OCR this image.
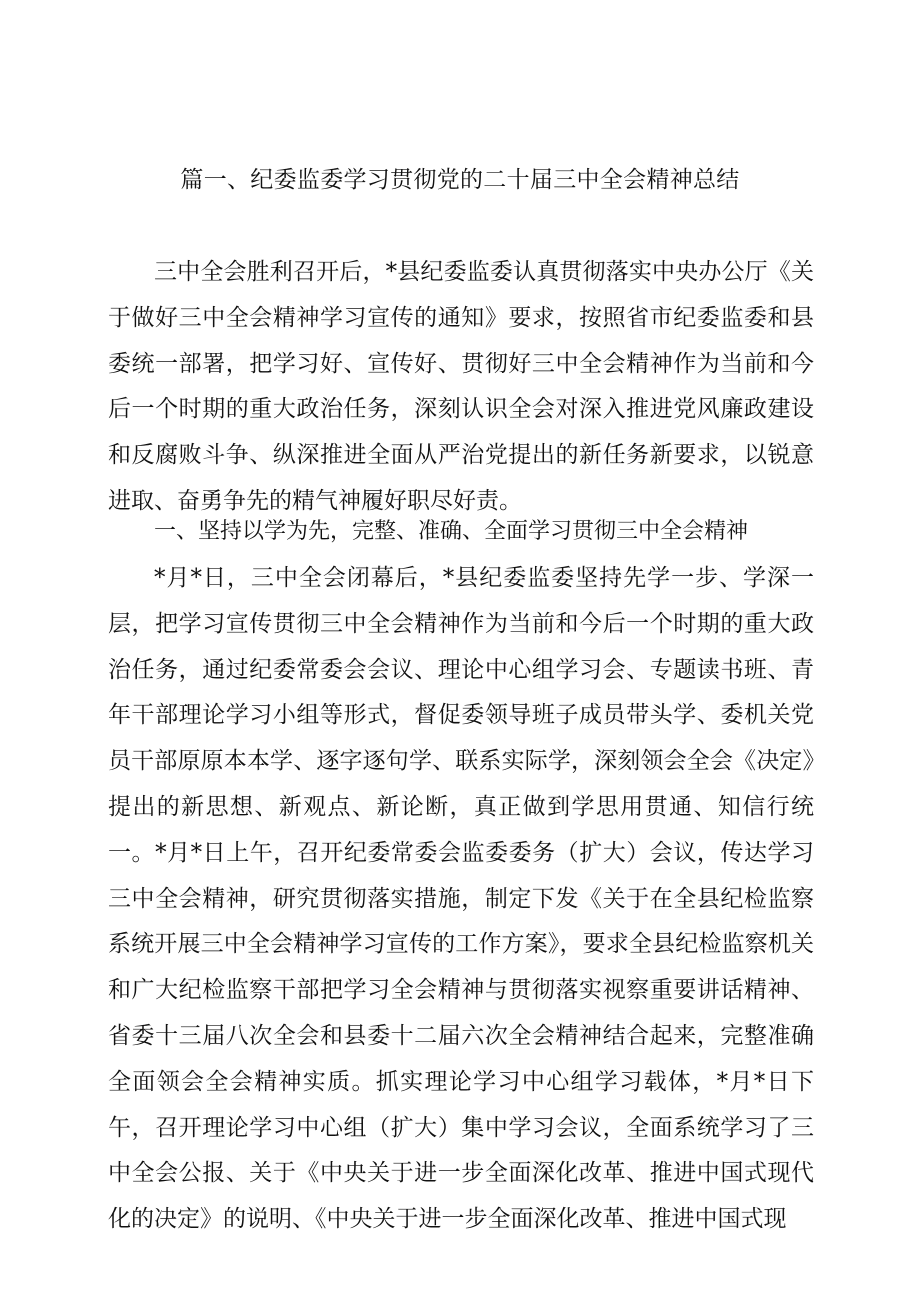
篇一、纪委监委学习贯彻党的二十届三中全会精神总结

三中全会胜利召开后，*县纪委监委认真贯彻落实中央办公厅《关于做好三中全会精神学习宣传的通知》要求，按照省市纪委监委和县委统一部署，把学习好、宣传好、贯彻好三中全会精神作为当前和今后一个时期的重大政治任务，深刻认识全会对深入推进党风廉政建设和反腐败斗争、纵深推进全面从严治党提出的新任务新要求，以锐意进取、奋勇争先的精气神履好职尽好责。

一、坚持以学为先，完整、准确、全面学习贯彻三中全会精神

*月*日，三中全会闭幕后，*县纪委监委坚持先学一步、学深一层，把学习宣传贯彻三中全会精神作为当前和今后一个时期的重大政治任务，通过纪委常委会会议、理论中心组学习会、专题读书班、青年干部理论学习小组等形式，督促委领导班子成员带头学、委机关党员干部原原本本学、逐字逐句学、联系实际学，深刻领会全会《决定》提出的新思想、新观点、新论断，真正做到学思用贯通、知信行统一。*月*日上午，召开纪委常委会监委委务（扩大）会议，传达学习三中全会精神，研究贯彻落实措施，制定下发《关于在全县纪检监察系统开展三中全会精神学习宣传的工作方案》，要求全县纪检监察机关和广大纪检监察干部把学习全会精神与贯彻落实视察重要讲话精神、省委十三届八次全会和县委十二届六次全会精神结合起来，完整准确全面领会全会精神实质。抓实理论学习中心组学习载体，*月*日下午，召开理论学习中心组（扩大）集中学习会议，全面系统学习了三中全会公报、关于《中央关于进一步全面深化改革、推进中国式现代化的决定》的说明、《中央关于进一步全面深化改革、推进中国式现
